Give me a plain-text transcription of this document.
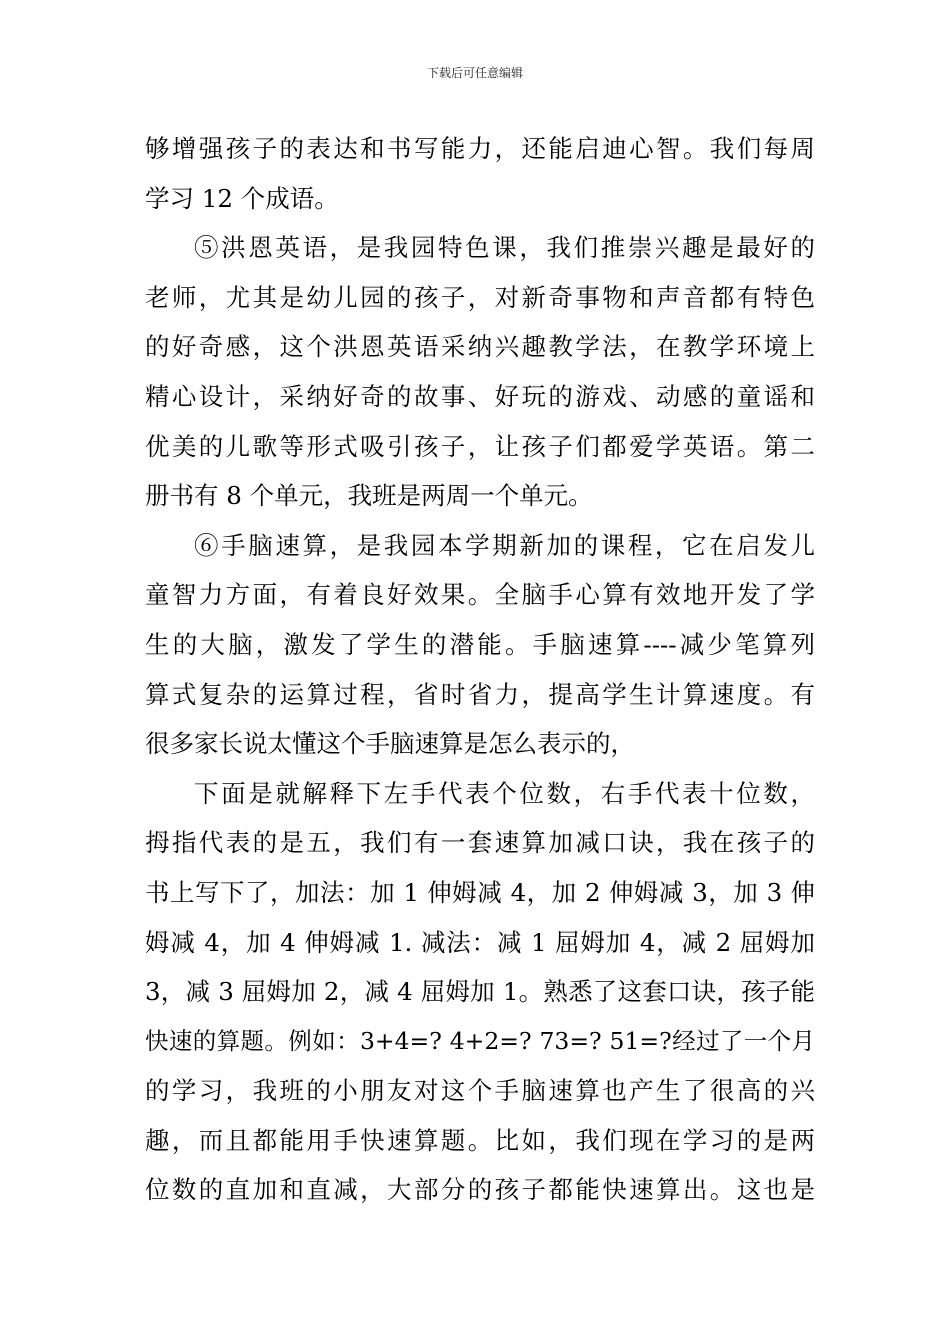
下载后可任意编辑
够增强孩子的表达和书写能力，还能启迪心智。我们每周
学习 12 个成语。
⑤洪恩英语，是我园特色课，我们推崇兴趣是最好的
老师，尤其是幼儿园的孩子，对新奇事物和声音都有特色
的好奇感，这个洪恩英语采纳兴趣教学法，在教学环境上
精心设计，采纳好奇的故事、好玩的游戏、动感的童谣和
优美的儿歌等形式吸引孩子，让孩子们都爱学英语。第二
册书有 8 个单元，我班是两周一个单元。
⑥手脑速算，是我园本学期新加的课程，它在启发儿
童智力方面，有着良好效果。全脑手心算有效地开发了学
生的大脑，激发了学生的潜能。手脑速算----减少笔算列
算式复杂的运算过程，省时省力，提高学生计算速度。有
很多家长说太懂这个手脑速算是怎么表示的，
下面是就解释下左手代表个位数，右手代表十位数，
拇指代表的是五，我们有一套速算加减口诀，我在孩子的
书上写下了，加法：加 1 伸姆减 4，加 2 伸姆减 3，加 3 伸
姆减 4，加 4 伸姆减 1. 减法：减 1 屈姆加 4，减 2 屈姆加
3，减 3 屈姆加 2，减 4 屈姆加 1。熟悉了这套口诀，孩子能
快速的算题。例如：3+4=? 4+2=? 73=? 51=?经过了一个月
的学习，我班的小朋友对这个手脑速算也产生了很高的兴
趣，而且都能用手快速算题。比如，我们现在学习的是两
位数的直加和直减，大部分的孩子都能快速算出。这也是
